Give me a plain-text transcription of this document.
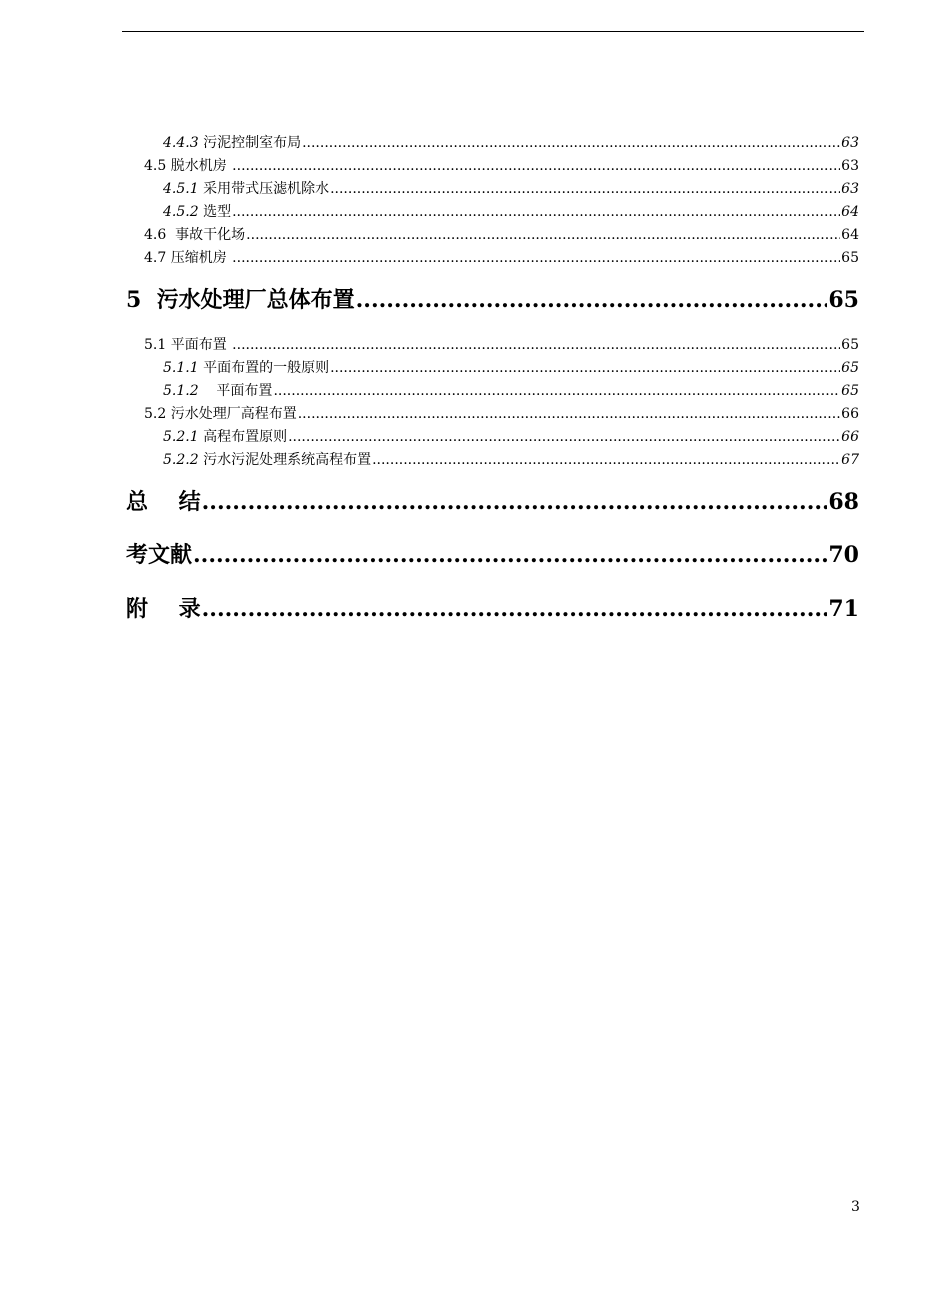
4.4.3 污泥控制室布局 .....	63
4.5 脱水机房 .....	63
4.5.1 采用带式压滤机除水 .....	63
4.5.2 选型 .....	64
4.6 事故干化场 .....	64
4.7 压缩机房 .....	65
5 污水处理厂总体布置 .....	65
5.1 平面布置 .....	65
5.1.1 平面布置的一般原则 .....	65
5.1.2 平面布置 .....	65
5.2 污水处理厂高程布置 .....	66
5.2.1 高程布置原则 .....	66
5.2.2 污水污泥处理系统高程布置 .....	67
总    结 .....	68
考文献 .....	70
附    录 .....	71
3
